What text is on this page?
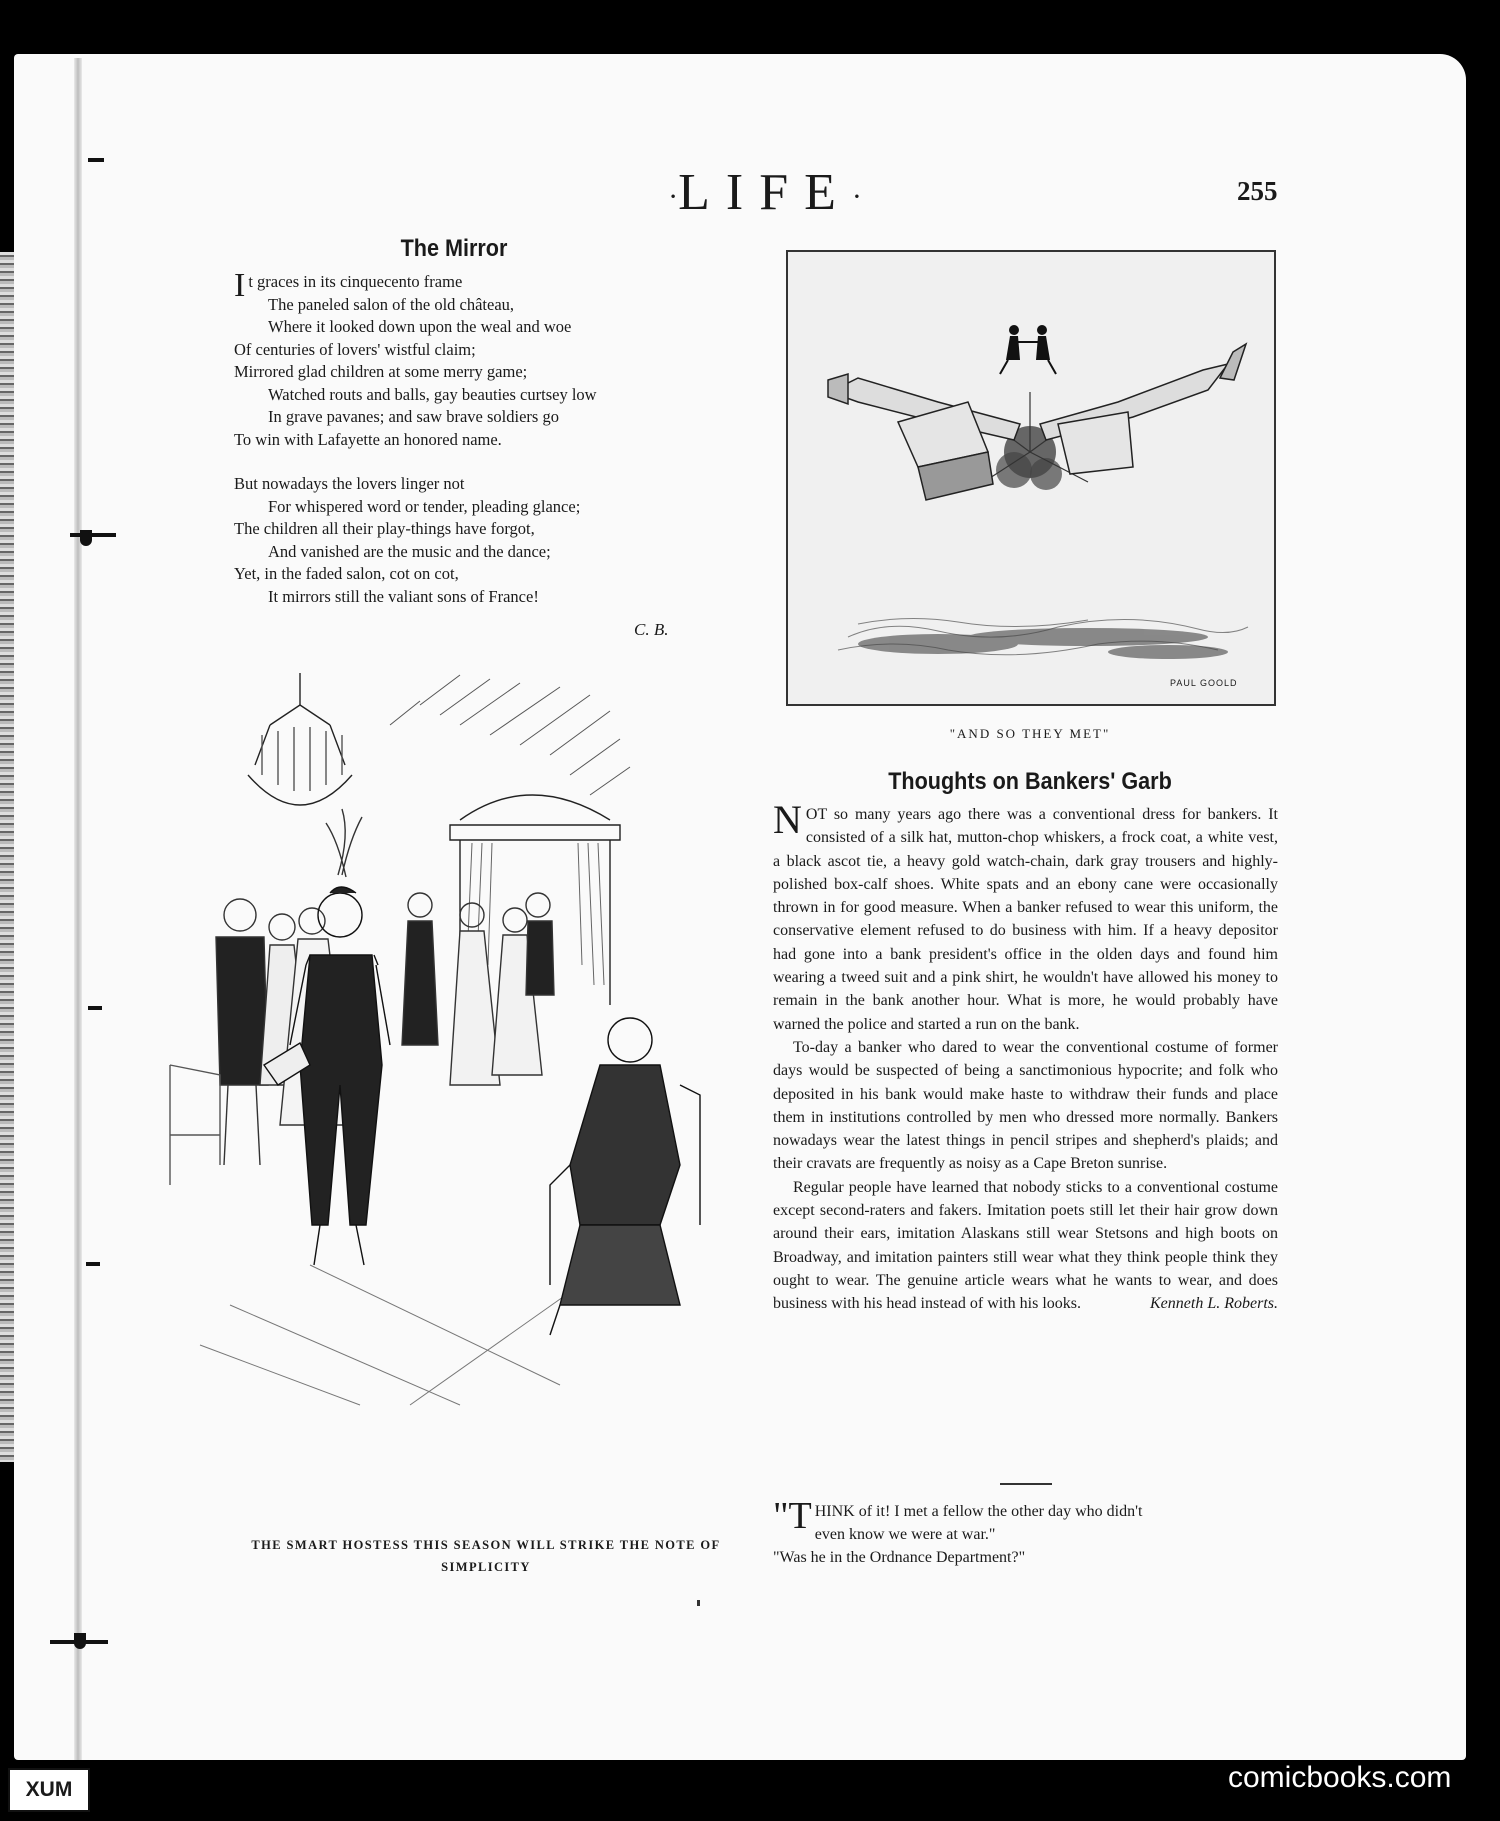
·LIFE·	255
The Mirror
It graces in its cinquecento frame
The paneled salon of the old château,
Where it looked down upon the weal and woe
Of centuries of lovers' wistful claim;
Mirrored glad children at some merry game;
Watched routs and balls, gay beauties curtsey low
In grave pavanes; and saw brave soldiers go
To win with Lafayette an honored name.
But nowadays the lovers linger not
For whispered word or tender, pleading glance;
The children all their play-things have forgot,
And vanished are the music and the dance;
Yet, in the faded salon, cot on cot,
It mirrors still the valiant sons of France!
C. B.
PAUL GOOLD
"AND SO THEY MET"
Thoughts on Bankers' Garb

NOT so many years ago there was a conventional dress for bankers. It consisted of a silk hat, mutton-chop whiskers, a frock coat, a white vest, a black ascot tie, a heavy gold watch-chain, dark gray trousers and highly-polished box-calf shoes. White spats and an ebony cane were occasionally thrown in for good measure. When a banker refused to wear this uniform, the conservative element refused to do business with him. If a heavy depositor had gone into a bank president's office in the olden days and found him wearing a tweed suit and a pink shirt, he wouldn't have allowed his money to remain in the bank another hour. What is more, he would probably have warned the police and started a run on the bank.

To-day a banker who dared to wear the conventional costume of former days would be suspected of being a sanctimonious hypocrite; and folk who deposited in his bank would make haste to withdraw their funds and place them in institutions controlled by men who dressed more normally. Bankers nowadays wear the latest things in pencil stripes and shepherd's plaids; and their cravats are frequently as noisy as a Cape Breton sunrise.

Regular people have learned that nobody sticks to a conventional costume except second-raters and fakers. Imitation poets still let their hair grow down around their ears, imitation Alaskans still wear Stetsons and high boots on Broadway, and imitation painters still wear what they think people think they ought to wear. The genuine article wears what he wants to wear, and does business with his head instead of with his looks.	Kenneth L. Roberts.

"THINK of it! I met a fellow the other day who didn't
even know we were at war."
"Was he in the Ordnance Department?"
THE SMART HOSTESS THIS SEASON WILL STRIKE THE NOTE OF SIMPLICITY
XUM	comicbooks.com
